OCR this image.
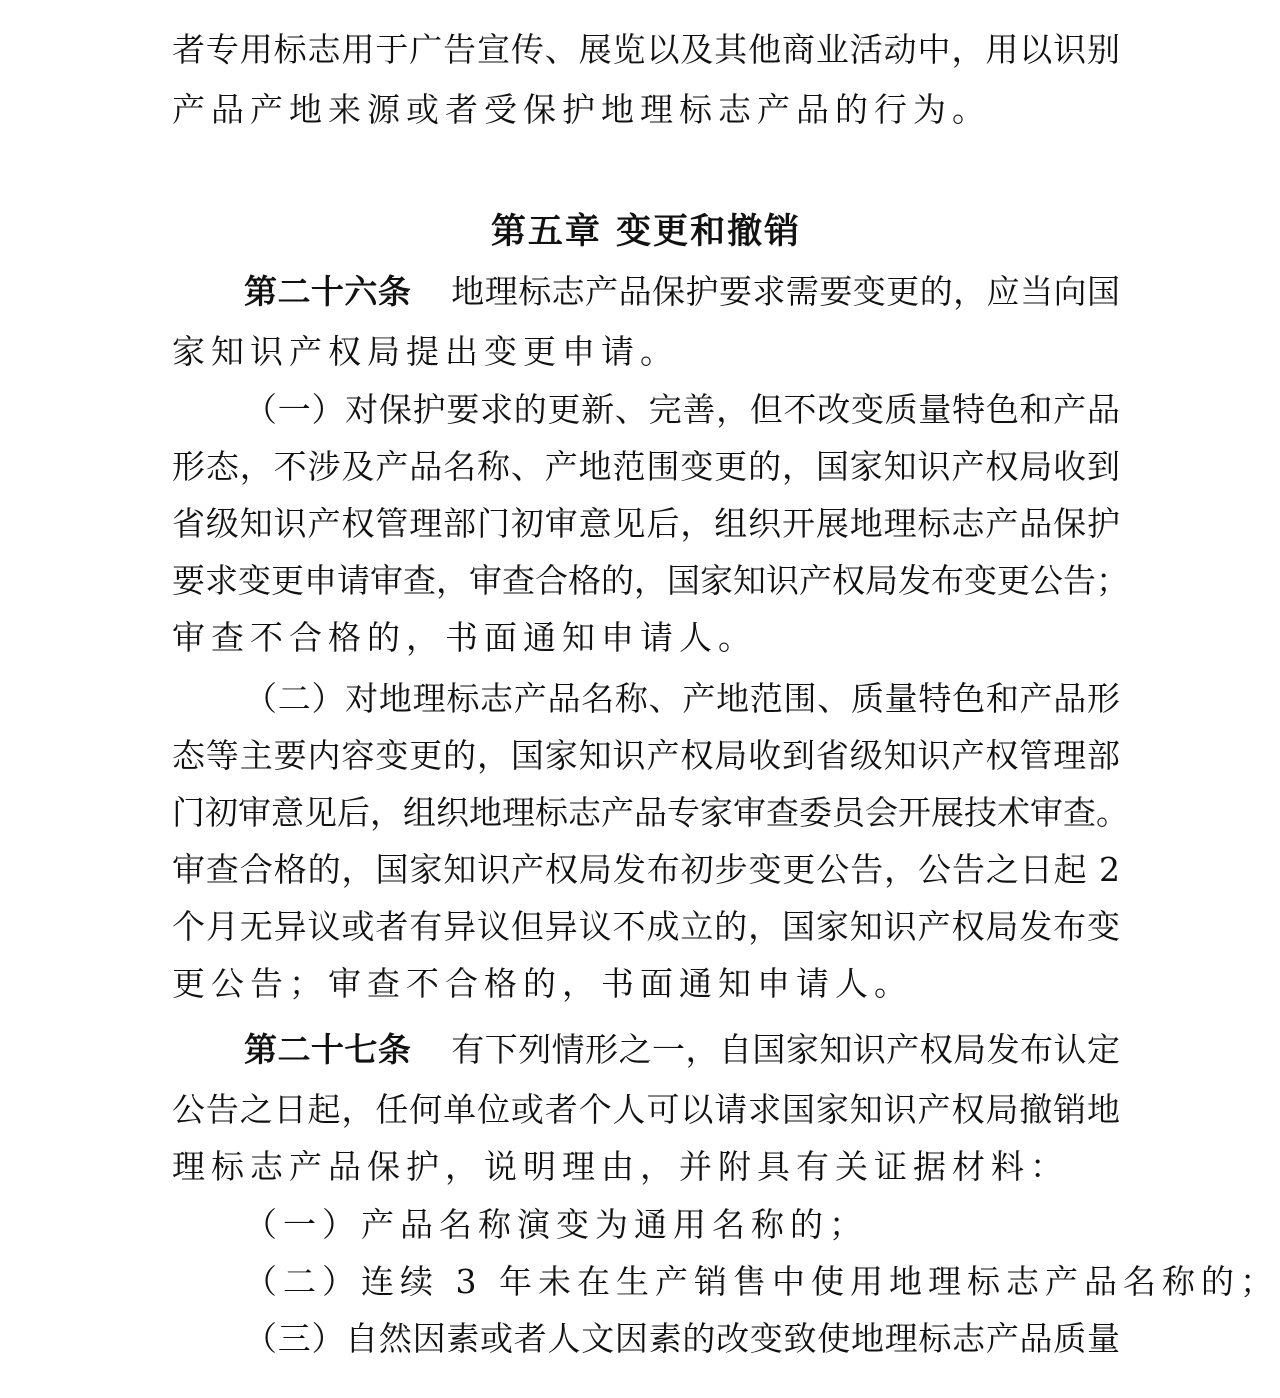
者专用标志用于广告宣传、展览以及其他商业活动中，用以识别
产品产地来源或者受保护地理标志产品的行为。
第五章 变更和撤销
第二十六条 地理标志产品保护要求需要变更的，应当向国
家知识产权局提出变更申请。
（一）对保护要求的更新、完善，但不改变质量特色和产品
形态，不涉及产品名称、产地范围变更的，国家知识产权局收到
省级知识产权管理部门初审意见后，组织开展地理标志产品保护
要求变更申请审查，审查合格的，国家知识产权局发布变更公告；
审查不合格的，书面通知申请人。
（二）对地理标志产品名称、产地范围、质量特色和产品形
态等主要内容变更的，国家知识产权局收到省级知识产权管理部
门初审意见后，组织地理标志产品专家审查委员会开展技术审查。
审查合格的，国家知识产权局发布初步变更公告，公告之日起 2
个月无异议或者有异议但异议不成立的，国家知识产权局发布变
更公告；审查不合格的，书面通知申请人。
第二十七条 有下列情形之一，自国家知识产权局发布认定
公告之日起，任何单位或者个人可以请求国家知识产权局撤销地
理标志产品保护，说明理由，并附具有关证据材料：
（一）产品名称演变为通用名称的；
（二）连续 3 年未在生产销售中使用地理标志产品名称的；
（三）自然因素或者人文因素的改变致使地理标志产品质量
